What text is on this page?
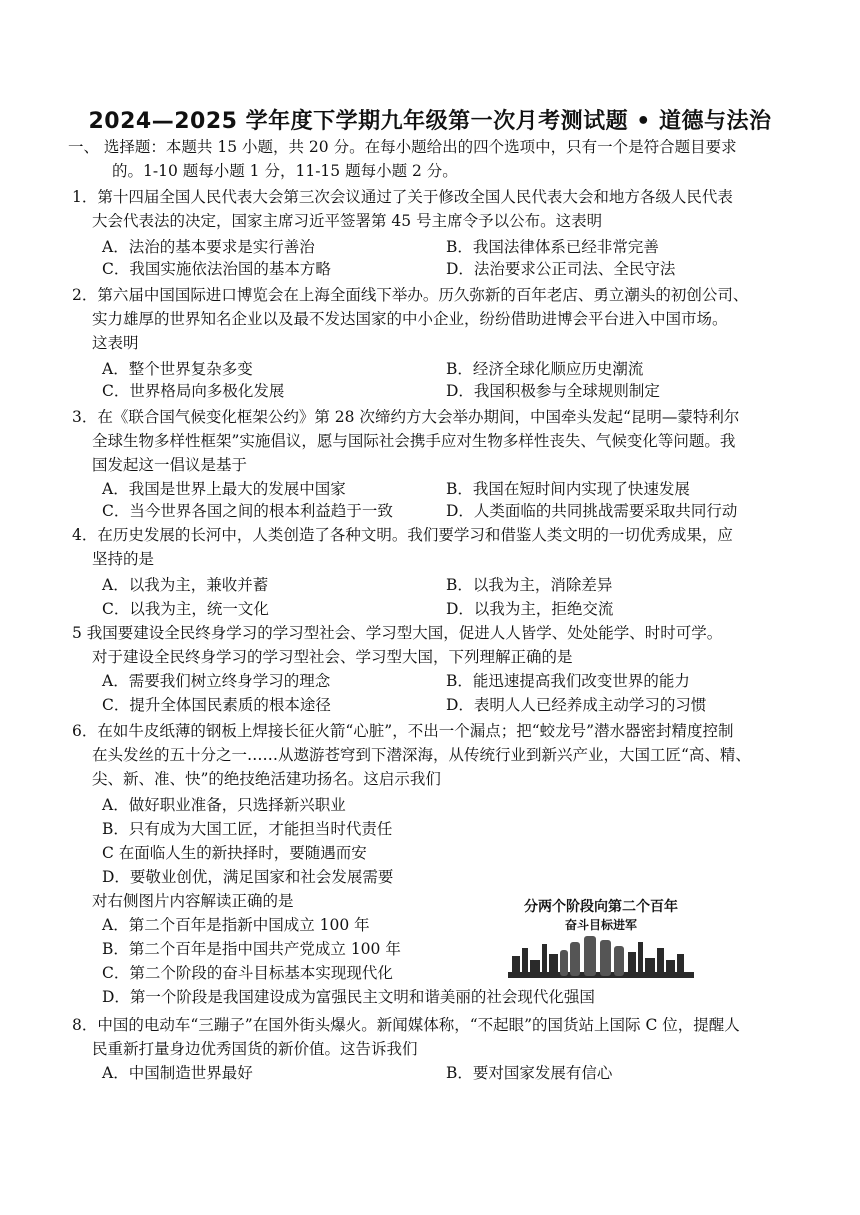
2024—2025 学年度下学期九年级第一次月考测试题 • 道德与法治
一、 选择题：本题共 15 小题，共 20 分。在每小题给出的四个选项中，只有一个是符合题目要求
的。1-10 题每小题 1 分，11-15 题每小题 2 分。
1．第十四届全国人民代表大会第三次会议通过了关于修改全国人民代表大会和地方各级人民代表
大会代表法的决定，国家主席习近平签署第 45 号主席令予以公布。这表明
A．法治的基本要求是实行善治	B．我国法律体系已经非常完善
C．我国实施依法治国的基本方略	D．法治要求公正司法、全民守法
2．第六届中国国际进口博览会在上海全面线下举办。历久弥新的百年老店、勇立潮头的初创公司、
实力雄厚的世界知名企业以及最不发达国家的中小企业，纷纷借助进博会平台进入中国市场。
这表明
A．整个世界复杂多变	B．经济全球化顺应历史潮流
C．世界格局向多极化发展	D．我国积极参与全球规则制定
3．在《联合国气候变化框架公约》第 28 次缔约方大会举办期间，中国牵头发起“昆明—蒙特利尔
全球生物多样性框架”实施倡议，愿与国际社会携手应对生物多样性丧失、气候变化等问题。我
国发起这一倡议是基于
A．我国是世界上最大的发展中国家	B．我国在短时间内实现了快速发展
C．当今世界各国之间的根本利益趋于一致	D．人类面临的共同挑战需要采取共同行动
4．在历史发展的长河中，人类创造了各种文明。我们要学习和借鉴人类文明的一切优秀成果，应
坚持的是
A．以我为主，兼收并蓄	B．以我为主，消除差异
C．以我为主，统一文化	D．以我为主，拒绝交流
5 我国要建设全民终身学习的学习型社会、学习型大国，促进人人皆学、处处能学、时时可学。
对于建设全民终身学习的学习型社会、学习型大国，下列理解正确的是
A．需要我们树立终身学习的理念	B．能迅速提高我们改变世界的能力
C．提升全体国民素质的根本途径	D．表明人人已经养成主动学习的习惯
6．在如牛皮纸薄的钢板上焊接长征火箭“心脏”，不出一个漏点；把“蛟龙号”潜水器密封精度控制
在头发丝的五十分之一……从遨游苍穹到下潜深海，从传统行业到新兴产业，大国工匠“高、精、
尖、新、准、快”的绝技绝活建功扬名。这启示我们
A．做好职业准备，只选择新兴职业
B．只有成为大国工匠，才能担当时代责任
C 在面临人生的新抉择时，要随遇而安
D．要敬业创优，满足国家和社会发展需要
对右侧图片内容解读正确的是
A．第二个百年是指新中国成立 100 年
B．第二个百年是指中国共产党成立 100 年
C．第二个阶段的奋斗目标基本实现现代化
D．第一个阶段是我国建设成为富强民主文明和谐美丽的社会现代化强国
分两个阶段向第二个百年
奋斗目标进军
8．中国的电动车“三蹦子”在国外街头爆火。新闻媒体称，“不起眼”的国货站上国际 C 位，提醒人
民重新打量身边优秀国货的新价值。这告诉我们
A．中国制造世界最好	B．要对国家发展有信心
